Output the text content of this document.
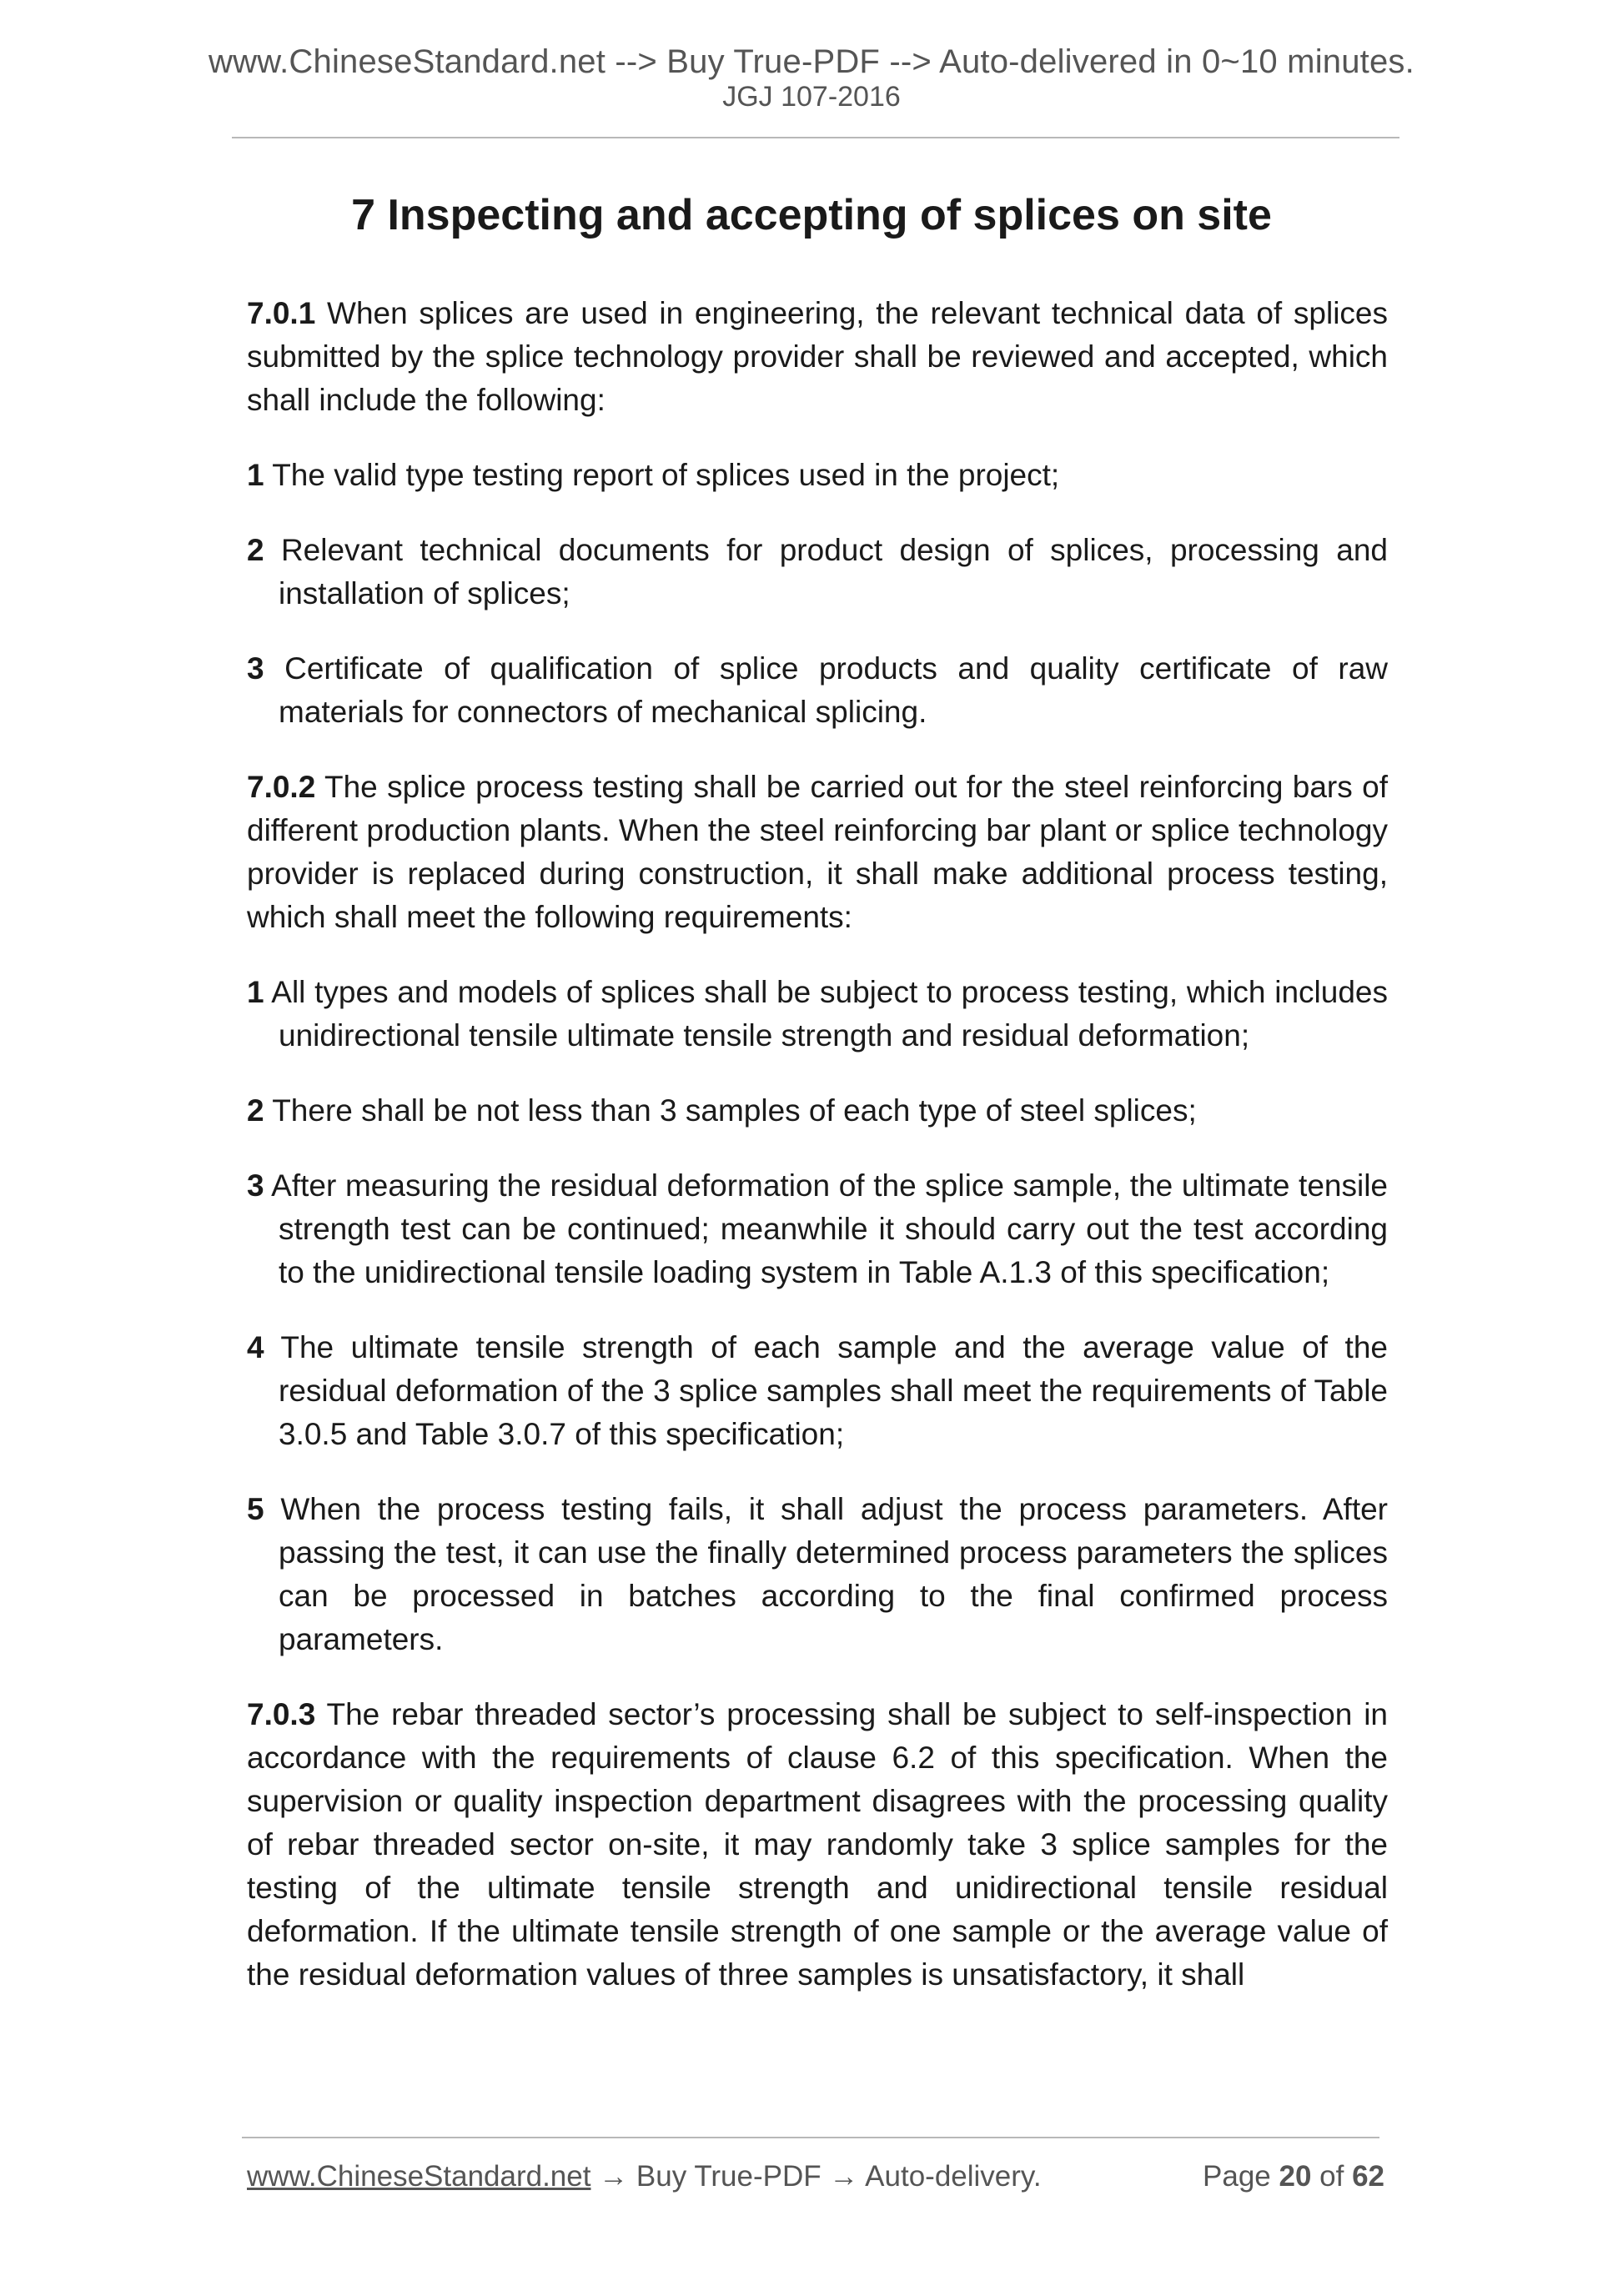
www.ChineseStandard.net --> Buy True-PDF --> Auto-delivered in 0~10 minutes.
JGJ 107-2016
7 Inspecting and accepting of splices on site

7.0.1 When splices are used in engineering, the relevant technical data of splices submitted by the splice technology provider shall be reviewed and accepted, which shall include the following:

1 The valid type testing report of splices used in the project;

2 Relevant technical documents for product design of splices, processing and installation of splices;

3 Certificate of qualification of splice products and quality certificate of raw materials for connectors of mechanical splicing.

7.0.2 The splice process testing shall be carried out for the steel reinforcing bars of different production plants. When the steel reinforcing bar plant or splice technology provider is replaced during construction, it shall make additional process testing, which shall meet the following requirements:

1 All types and models of splices shall be subject to process testing, which includes unidirectional tensile ultimate tensile strength and residual deformation;

2 There shall be not less than 3 samples of each type of steel splices;

3 After measuring the residual deformation of the splice sample, the ultimate tensile strength test can be continued; meanwhile it should carry out the test according to the unidirectional tensile loading system in Table A.1.3 of this specification;

4 The ultimate tensile strength of each sample and the average value of the residual deformation of the 3 splice samples shall meet the requirements of Table 3.0.5 and Table 3.0.7 of this specification;

5 When the process testing fails, it shall adjust the process parameters. After passing the test, it can use the finally determined process parameters the splices can be processed in batches according to the final confirmed process parameters.

7.0.3 The rebar threaded sector’s processing shall be subject to self-inspection in accordance with the requirements of clause 6.2 of this specification. When the supervision or quality inspection department disagrees with the processing quality of rebar threaded sector on-site, it may randomly take 3 splice samples for the testing of the ultimate tensile strength and unidirectional tensile residual deformation. If the ultimate tensile strength of one sample or the average value of the residual deformation values of three samples is unsatisfactory, it shall

www.ChineseStandard.net → Buy True-PDF → Auto-delivery.	Page 20 of 62
